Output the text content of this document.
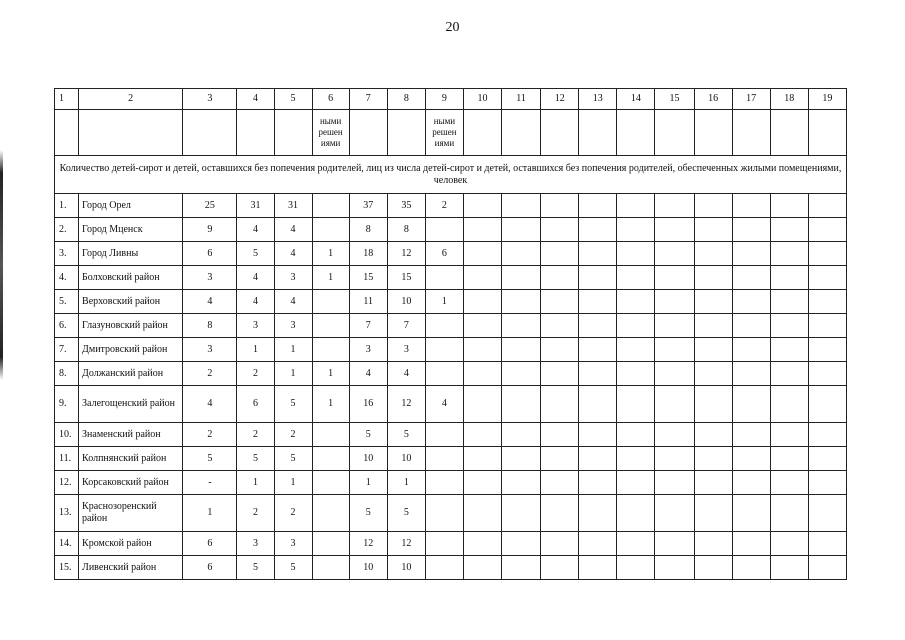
20
1	2	3	4	5	6	7	8	9	10	11	12	13	14	15	16	17	18	19
					ными решен иями			ными решен иями										
Количество детей-сирот и детей, оставшихся без попечения родителей, лиц из числа детей-сирот и детей, оставшихся без попечения родителей, обеспеченных жилыми помещениями, человек																		
1.	Город Орел	25	31	31		37	35	2										
2.	Город Мценск	9	4	4		8	8											
3.	Город Ливны	6	5	4	1	18	12	6										
4.	Болховский район	3	4	3	1	15	15											
5.	Верховский район	4	4	4		11	10	1										
6.	Глазуновский район	8	3	3		7	7											
7.	Дмитровский район	3	1	1		3	3											
8.	Должанский район	2	2	1	1	4	4											
9.	Залегощенский район	4	6	5	1	16	12	4										
10.	Знаменский район	2	2	2		5	5											
11.	Колпнянский район	5	5	5		10	10											
12.	Корсаковский район	-	1	1		1	1											
13.	Краснозоренский район	1	2	2		5	5											
14.	Кромской район	6	3	3		12	12											
15.	Ливенский район	6	5	5		10	10											
